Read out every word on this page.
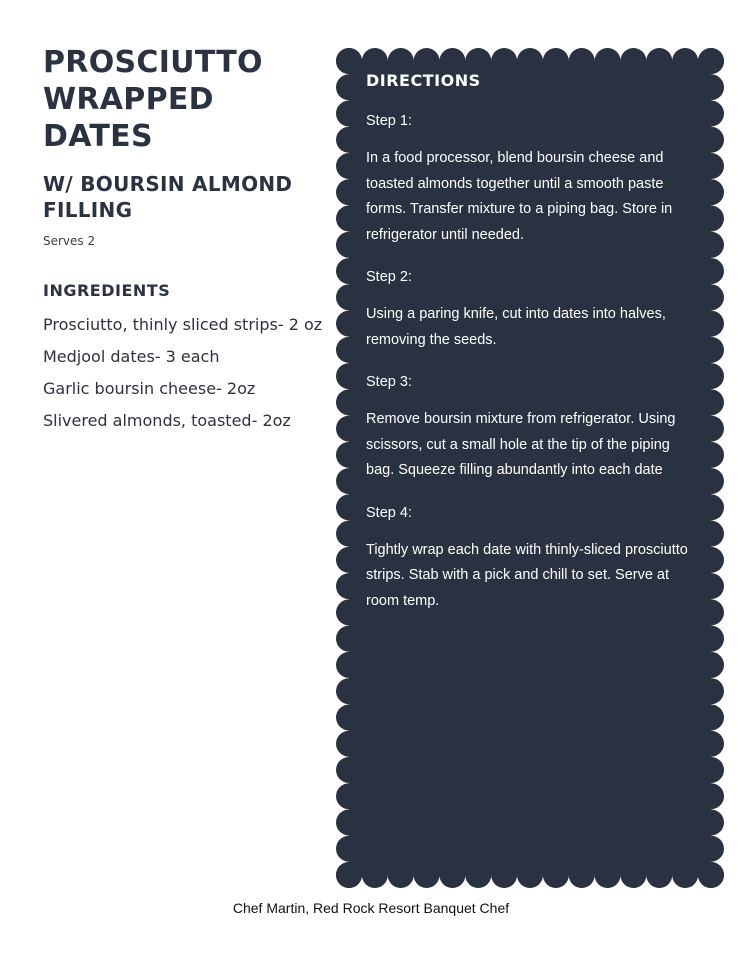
PROSCIUTTO WRAPPED DATES
W/ BOURSIN ALMOND FILLING

Serves 2

INGREDIENTS
Prosciutto, thinly sliced strips- 2 oz
Medjool dates- 3 each
Garlic boursin cheese- 2oz
Slivered almonds, toasted- 2oz
DIRECTIONS
Step 1:
In a food processor, blend boursin cheese and toasted almonds together until a smooth paste forms. Transfer mixture to a piping bag. Store in refrigerator until needed.
Step 2:
Using a paring knife, cut into dates into halves, removing the seeds.
Step 3:
Remove boursin mixture from refrigerator. Using scissors, cut a small hole at the tip of the piping bag. Squeeze filling abundantly into each date
Step 4:
Tightly wrap each date with thinly-sliced prosciutto strips. Stab with a pick and chill to set. Serve at room temp.
Chef Martin, Red Rock Resort Banquet Chef
